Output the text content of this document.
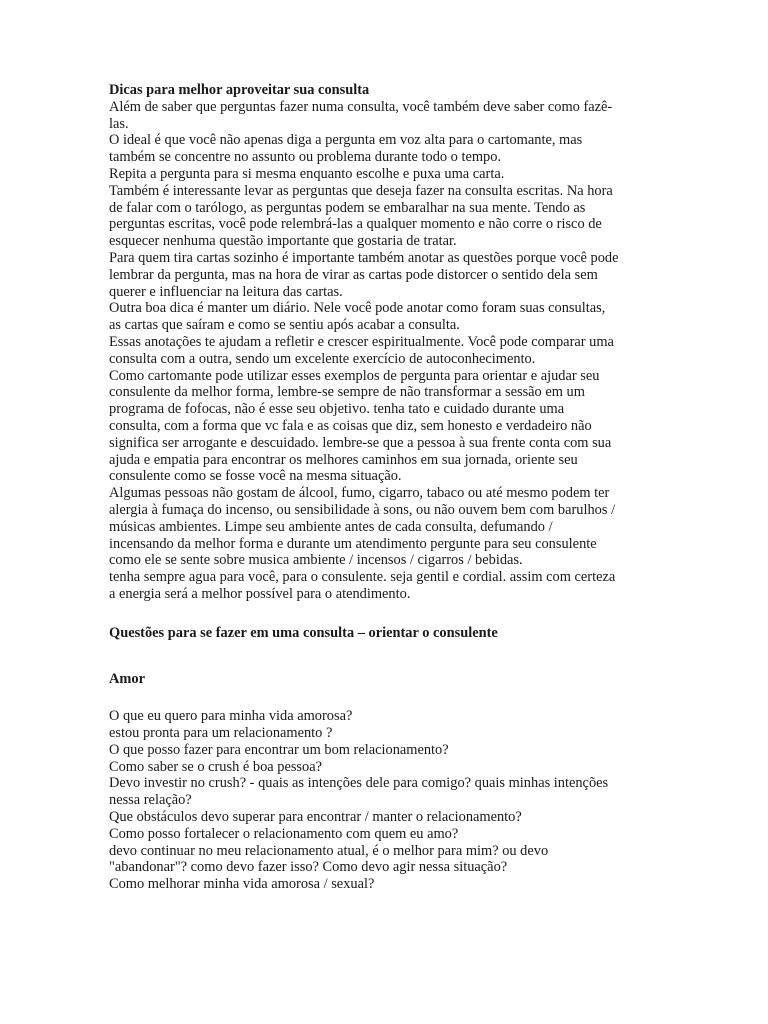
Dicas para melhor aproveitar sua consulta
Além de saber que perguntas fazer numa consulta, você também deve saber como fazê-
las.
O ideal é que você não apenas diga a pergunta em voz alta para o cartomante, mas
também se concentre no assunto ou problema durante todo o tempo.
Repita a pergunta para si mesma enquanto escolhe e puxa uma carta.
Também é interessante levar as perguntas que deseja fazer na consulta escritas. Na hora
de falar com o tarólogo, as perguntas podem se embaralhar na sua mente. Tendo as
perguntas escritas, você pode relembrá-las a qualquer momento e não corre o risco de
esquecer nenhuma questão importante que gostaria de tratar.
Para quem tira cartas sozinho é importante também anotar as questões porque você pode
lembrar da pergunta, mas na hora de virar as cartas pode distorcer o sentido dela sem
querer e influenciar na leitura das cartas.
Outra boa dica é manter um diário. Nele você pode anotar como foram suas consultas,
as cartas que saíram e como se sentiu após acabar a consulta.
Essas anotações te ajudam a refletir e crescer espiritualmente. Você pode comparar uma
consulta com a outra, sendo um excelente exercício de autoconhecimento.
Como cartomante pode utilizar esses exemplos de pergunta para orientar e ajudar seu
consulente da melhor forma, lembre-se sempre de não transformar a sessão em um
programa de fofocas, não é esse seu objetivo. tenha tato e cuidado durante uma
consulta, com a forma que vc fala e as coisas que diz, sem honesto e verdadeiro não
significa ser arrogante e descuidado. lembre-se que a pessoa à sua frente conta com sua
ajuda e empatia para encontrar os melhores caminhos em sua jornada, oriente seu
consulente como se fosse você na mesma situação.
Algumas pessoas não gostam de álcool, fumo, cigarro, tabaco ou até mesmo podem ter
alergia à fumaça do incenso, ou sensibilidade à sons, ou não ouvem bem com barulhos /
músicas ambientes. Limpe seu ambiente antes de cada consulta, defumando /
incensando da melhor forma e durante um atendimento pergunte para seu consulente
como ele se sente sobre musica ambiente / incensos / cigarros / bebidas.
tenha sempre agua para você, para o consulente. seja gentil e cordial. assim com certeza
a energia será a melhor possível para o atendimento.
Questões para se fazer em uma consulta – orientar o consulente
Amor
O que eu quero para minha vida amorosa?
estou pronta para um relacionamento ?
O que posso fazer para encontrar um bom relacionamento?
Como saber se o crush é boa pessoa?
Devo investir no crush? - quais as intenções dele para comigo? quais minhas intenções
nessa relação?
Que obstáculos devo superar para encontrar / manter o relacionamento?
Como posso fortalecer o relacionamento com quem eu amo?
devo continuar no meu relacionamento atual, é o melhor para mim? ou devo
"abandonar"? como devo fazer isso? Como devo agir nessa situação?
Como melhorar minha vida amorosa / sexual?
